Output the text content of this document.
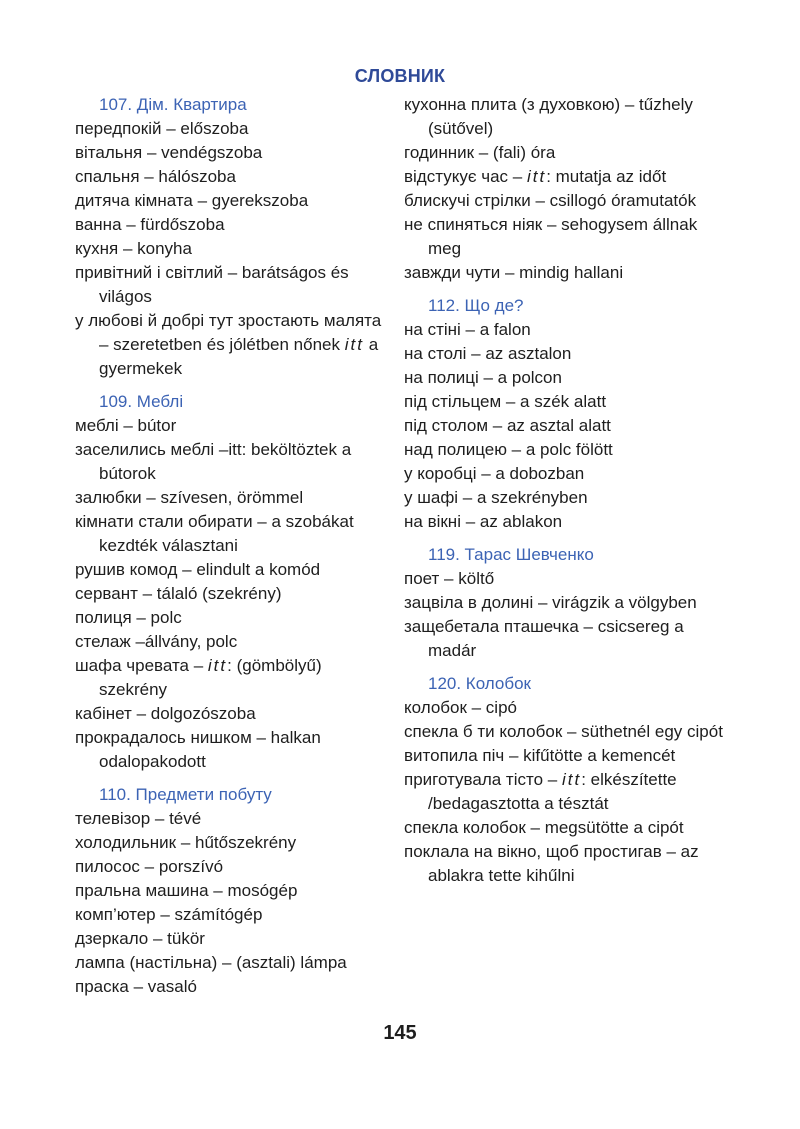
СЛОВНИК
107. Дім. Квартира
передпокій – előszoba
вітальня – vendégszoba
спальня – hálószoba
дитяча кімната – gyerekszoba
ванна – fürdőszoba
кухня – konyha
привітний і світлий – barátságos és világos
у любові й добрі тут зростають малята – szeretetben és jólétben nőnek itt a gyermekek
109. Меблі
меблі – bútor
заселились меблі –itt: beköltöztek a bútorok
залюбки – szívesen, örömmel
кімнати стали обирати – a szobákat kezdték választani
рушив комод – elindult a komód
сервант – tálaló (szekrény)
полиця – polc
стелаж –állvány, polc
шафа чревата – itt: (gömbölyű) szekrény
кабінет – dolgozószoba
прокрадалось нишком – halkan odalopakodott
110. Предмети побуту
телевізор – tévé
холодильник – hűtőszekrény
пилосос – porszívó
пральна машина – mosógép
комп’ютер – számítógép
дзеркало – tükör
лампа (настільна) – (asztali) lámpa
праска – vasaló
кухонна плита (з духовкою) – tűzhely (sütővel)
годинник – (fali) óra
відстукує час – itt: mutatja az időt
блискучі стрілки – csillogó óramutatók
не спиняться ніяк – sehogysem állnak meg
завжди чути – mindig hallani
112. Що де?
на стіні – a falon
на столі – az asztalon
на полиці – a polcon
під стільцем – a szék alatt
під столом – az asztal alatt
над полицею – a polc fölött
у коробці – a dobozban
у шафі – a szekrényben
на вікні – az ablakon
119. Тарас Шевченко
поет – költő
зацвіла в долині – virágzik a völgyben
защебетала пташечка – csicsereg a madár
120. Колобок
колобок – cipó
спекла б ти колобок – süthetnél egy cipót
витопила піч – kifűtötte a kemencét
приготувала тісто – itt: elkészítette /bedagasztotta a tésztát
спекла колобок – megsütötte a cipót
поклала на вікно, щоб простигав – az ablakra tette kihűlni
145
